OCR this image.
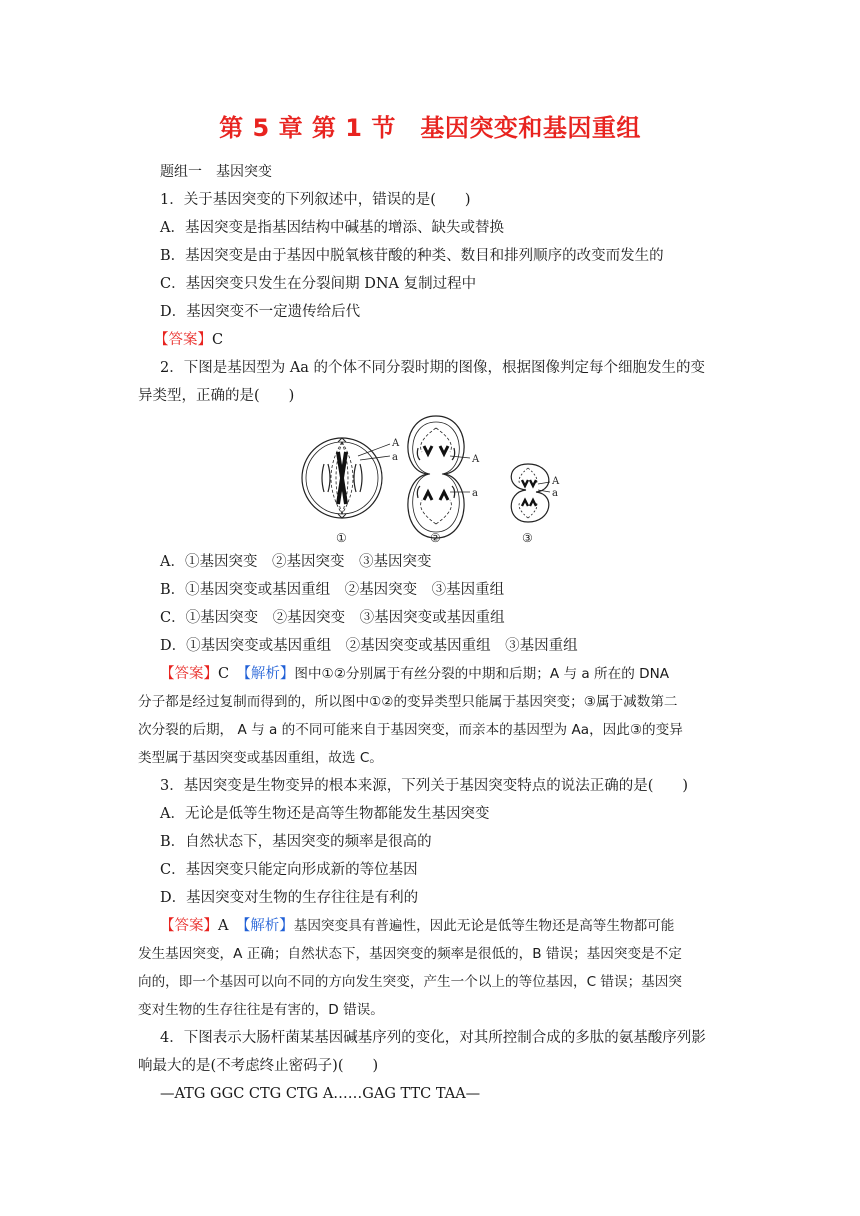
第 5 章 第 1 节　基因突变和基因重组
题组一　基因突变
1．关于基因突变的下列叙述中，错误的是(　　)
A．基因突变是指基因结构中碱基的增添、缺失或替换
B．基因突变是由于基因中脱氧核苷酸的种类、数目和排列顺序的改变而发生的
C．基因突变只发生在分裂间期 DNA 复制过程中
D．基因突变不一定遗传给后代
【答案】C
2．下图是基因型为 Aa 的个体不同分裂时期的图像，根据图像判定每个细胞发生的变
异类型，正确的是(　　)
A
a	A
a
A
a
①	②	③
A．①基因突变　②基因突变　③基因突变
B．①基因突变或基因重组　②基因突变　③基因重组
C．①基因突变　②基因突变　③基因突变或基因重组
D．①基因突变或基因重组　②基因突变或基因重组　③基因重组
【答案】C　 【解析】图中①②分别属于有丝分裂的中期和后期；A 与 a 所在的 DNA
分子都是经过复制而得到的，所以图中①②的变异类型只能属于基因突变；③属于减数第二
次分裂的后期， A 与 a 的不同可能来自于基因突变，而亲本的基因型为 Aa，因此③的变异
类型属于基因突变或基因重组，故选 C。
3．基因突变是生物变异的根本来源，下列关于基因突变特点的说法正确的是(　　)
A．无论是低等生物还是高等生物都能发生基因突变
B．自然状态下，基因突变的频率是很高的
C．基因突变只能定向形成新的等位基因
D．基因突变对生物的生存往往是有利的
【答案】A　 【解析】基因突变具有普遍性，因此无论是低等生物还是高等生物都可能
发生基因突变，A 正确；自然状态下，基因突变的频率是很低的，B 错误；基因突变是不定
向的，即一个基因可以向不同的方向发生突变，产生一个以上的等位基因，C 错误；基因突
变对生物的生存往往是有害的，D 错误。
4．下图表示大肠杆菌某基因碱基序列的变化，对其所控制合成的多肽的氨基酸序列影
响最大的是(不考虑终止密码子)(　　)
—ATG GGC CTG CTG A……GAG TTC TAA—
